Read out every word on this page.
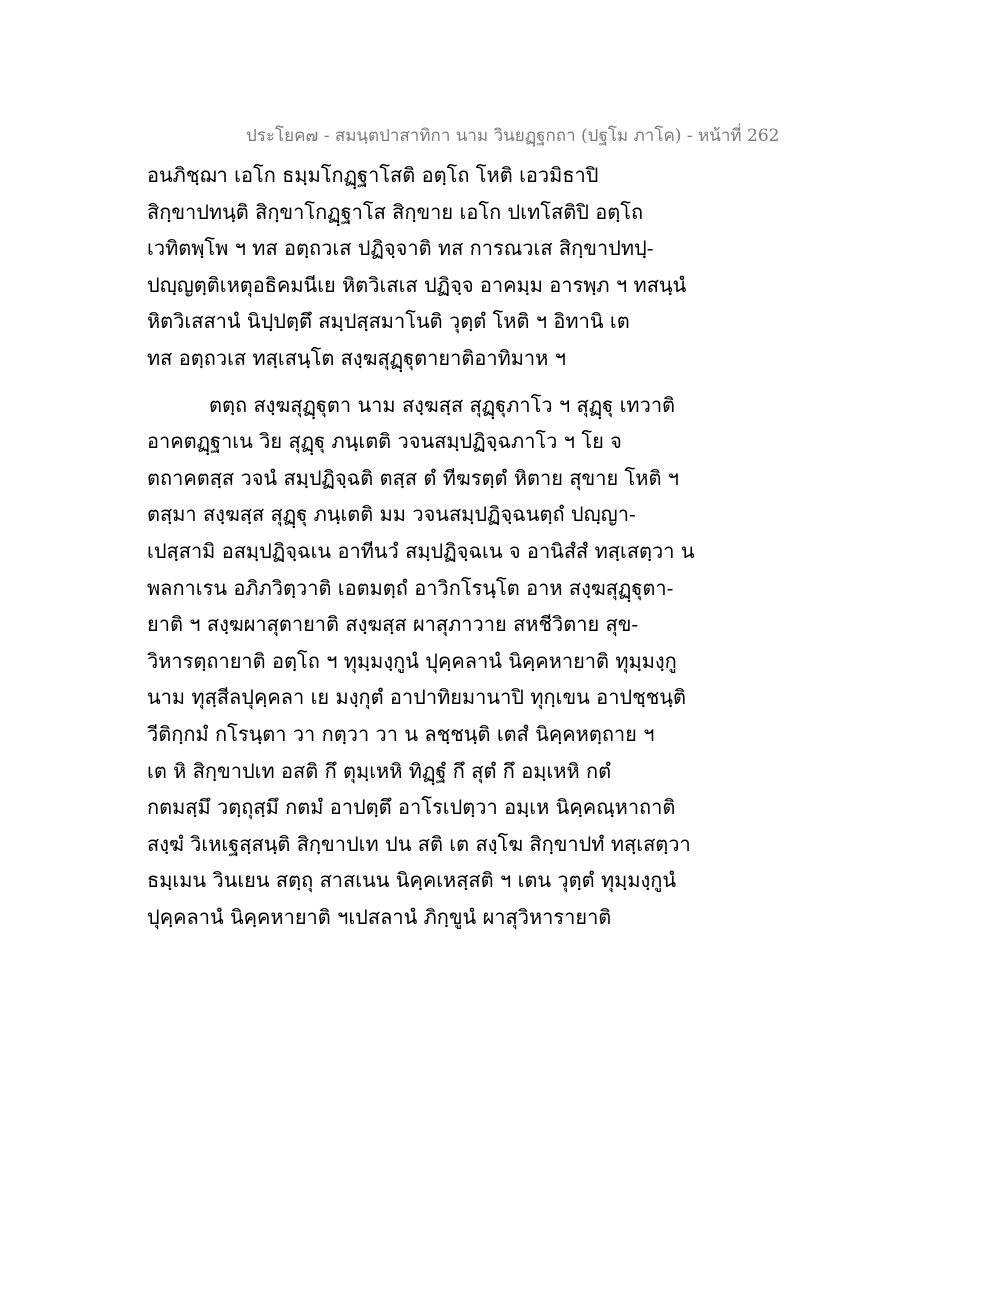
ประโยค๗ - สมนฺตปาสาทิกา นาม วินยฏฺฐกถา (ปฐโม ภาโค) - หน้าที่ 262
อนภิชฺฌา เอโก ธมฺมโกฏฺฐาโสติ อตฺโถ โหติ เอวมิธาปิ
สิกฺขาปทนฺติ สิกฺขาโกฏฺฐาโส สิกฺขาย เอโก ปเทโสติปิ อตฺโถ
เวทิตพฺโพ ฯ ทส อตฺถวเส ปฏิจฺจาติ ทส การณวเส สิกฺขาปทปฺ-
ปญฺญตฺติเหตุอธิคมนีเย หิตวิเสเส ปฏิจฺจ อาคมฺม อารพฺภ ฯ ทสนฺนํ
หิตวิเสสานํ นิปฺปตฺตึ สมฺปสฺสมาโนติ วุตฺตํ โหติ ฯ อิทานิ เต
ทส อตฺถวเส ทสฺเสนฺโต สงฺฆสุฏฺฐุตายาติอาทิมาห ฯ
ตตฺถ สงฺฆสุฏฺฐุตา นาม สงฺฆสฺส สุฏฺฐุภาโว ฯ สุฏฺฐุ เทวาติ
อาคตฏฺฐาเน วิย สุฏฺฐุ ภนฺเตติ วจนสมฺปฏิจฺฉภาโว ฯ โย จ
ตถาคตสฺส วจนํ สมฺปฏิจฺฉติ ตสฺส ตํ ทีฆรตฺตํ หิตาย สุขาย โหติ ฯ
ตสฺมา สงฺฆสฺส สุฏฺฐุ ภนฺเตติ มม วจนสมฺปฏิจฺฉนตฺถํ ปญฺญา-
เปสฺสามิ อสมฺปฏิจฺฉเน อาทีนวํ สมฺปฏิจฺฉเน จ อานิสํสํ ทสฺเสตฺวา น
พลกาเรน อภิภวิตฺวาติ เอตมตฺถํ อาวิกโรนฺโต อาห สงฺฆสุฏฺฐุตา-
ยาติ ฯ สงฺฆผาสุตายาติ สงฺฆสฺส ผาสุภาวาย สหชีวิตาย สุข-
วิหารตฺถายาติ อตฺโถ ฯ ทุมฺมงฺกูนํ ปุคฺคลานํ นิคฺคหายาติ ทุมฺมงฺกู
นาม ทุสฺสีลปุคฺคลา เย มงฺกุตํ อาปาทิยมานาปิ ทุกฺเขน อาปชฺชนฺติ
วีติกฺกมํ กโรนฺตา วา กตฺวา วา น ลชฺชนฺติ เตสํ นิคฺคหตฺถาย ฯ
เต หิ สิกฺขาปเท อสติ กึ ตุมฺเหหิ ทิฏฺฐํ กึ สุตํ กึ อมฺเหหิ กตํ
กตมสฺมึ วตฺถุสฺมึ กตมํ อาปตฺตึ อาโรเปตฺวา อมฺเห นิคฺคณฺหาถาติ
สงฺฆํ วิเหเฐสฺสนฺติ สิกฺขาปเท ปน สติ เต สงฺโฆ สิกฺขาปทํ ทสฺเสตฺวา
ธมฺเมน วินเยน สตฺถุ สาสเนน นิคฺคเหสฺสติ ฯ เตน วุตฺตํ ทุมฺมงฺกูนํ
ปุคฺคลานํ นิคฺคหายาติ ฯเปสลานํ ภิกฺขูนํ ผาสุวิหารายาติ
